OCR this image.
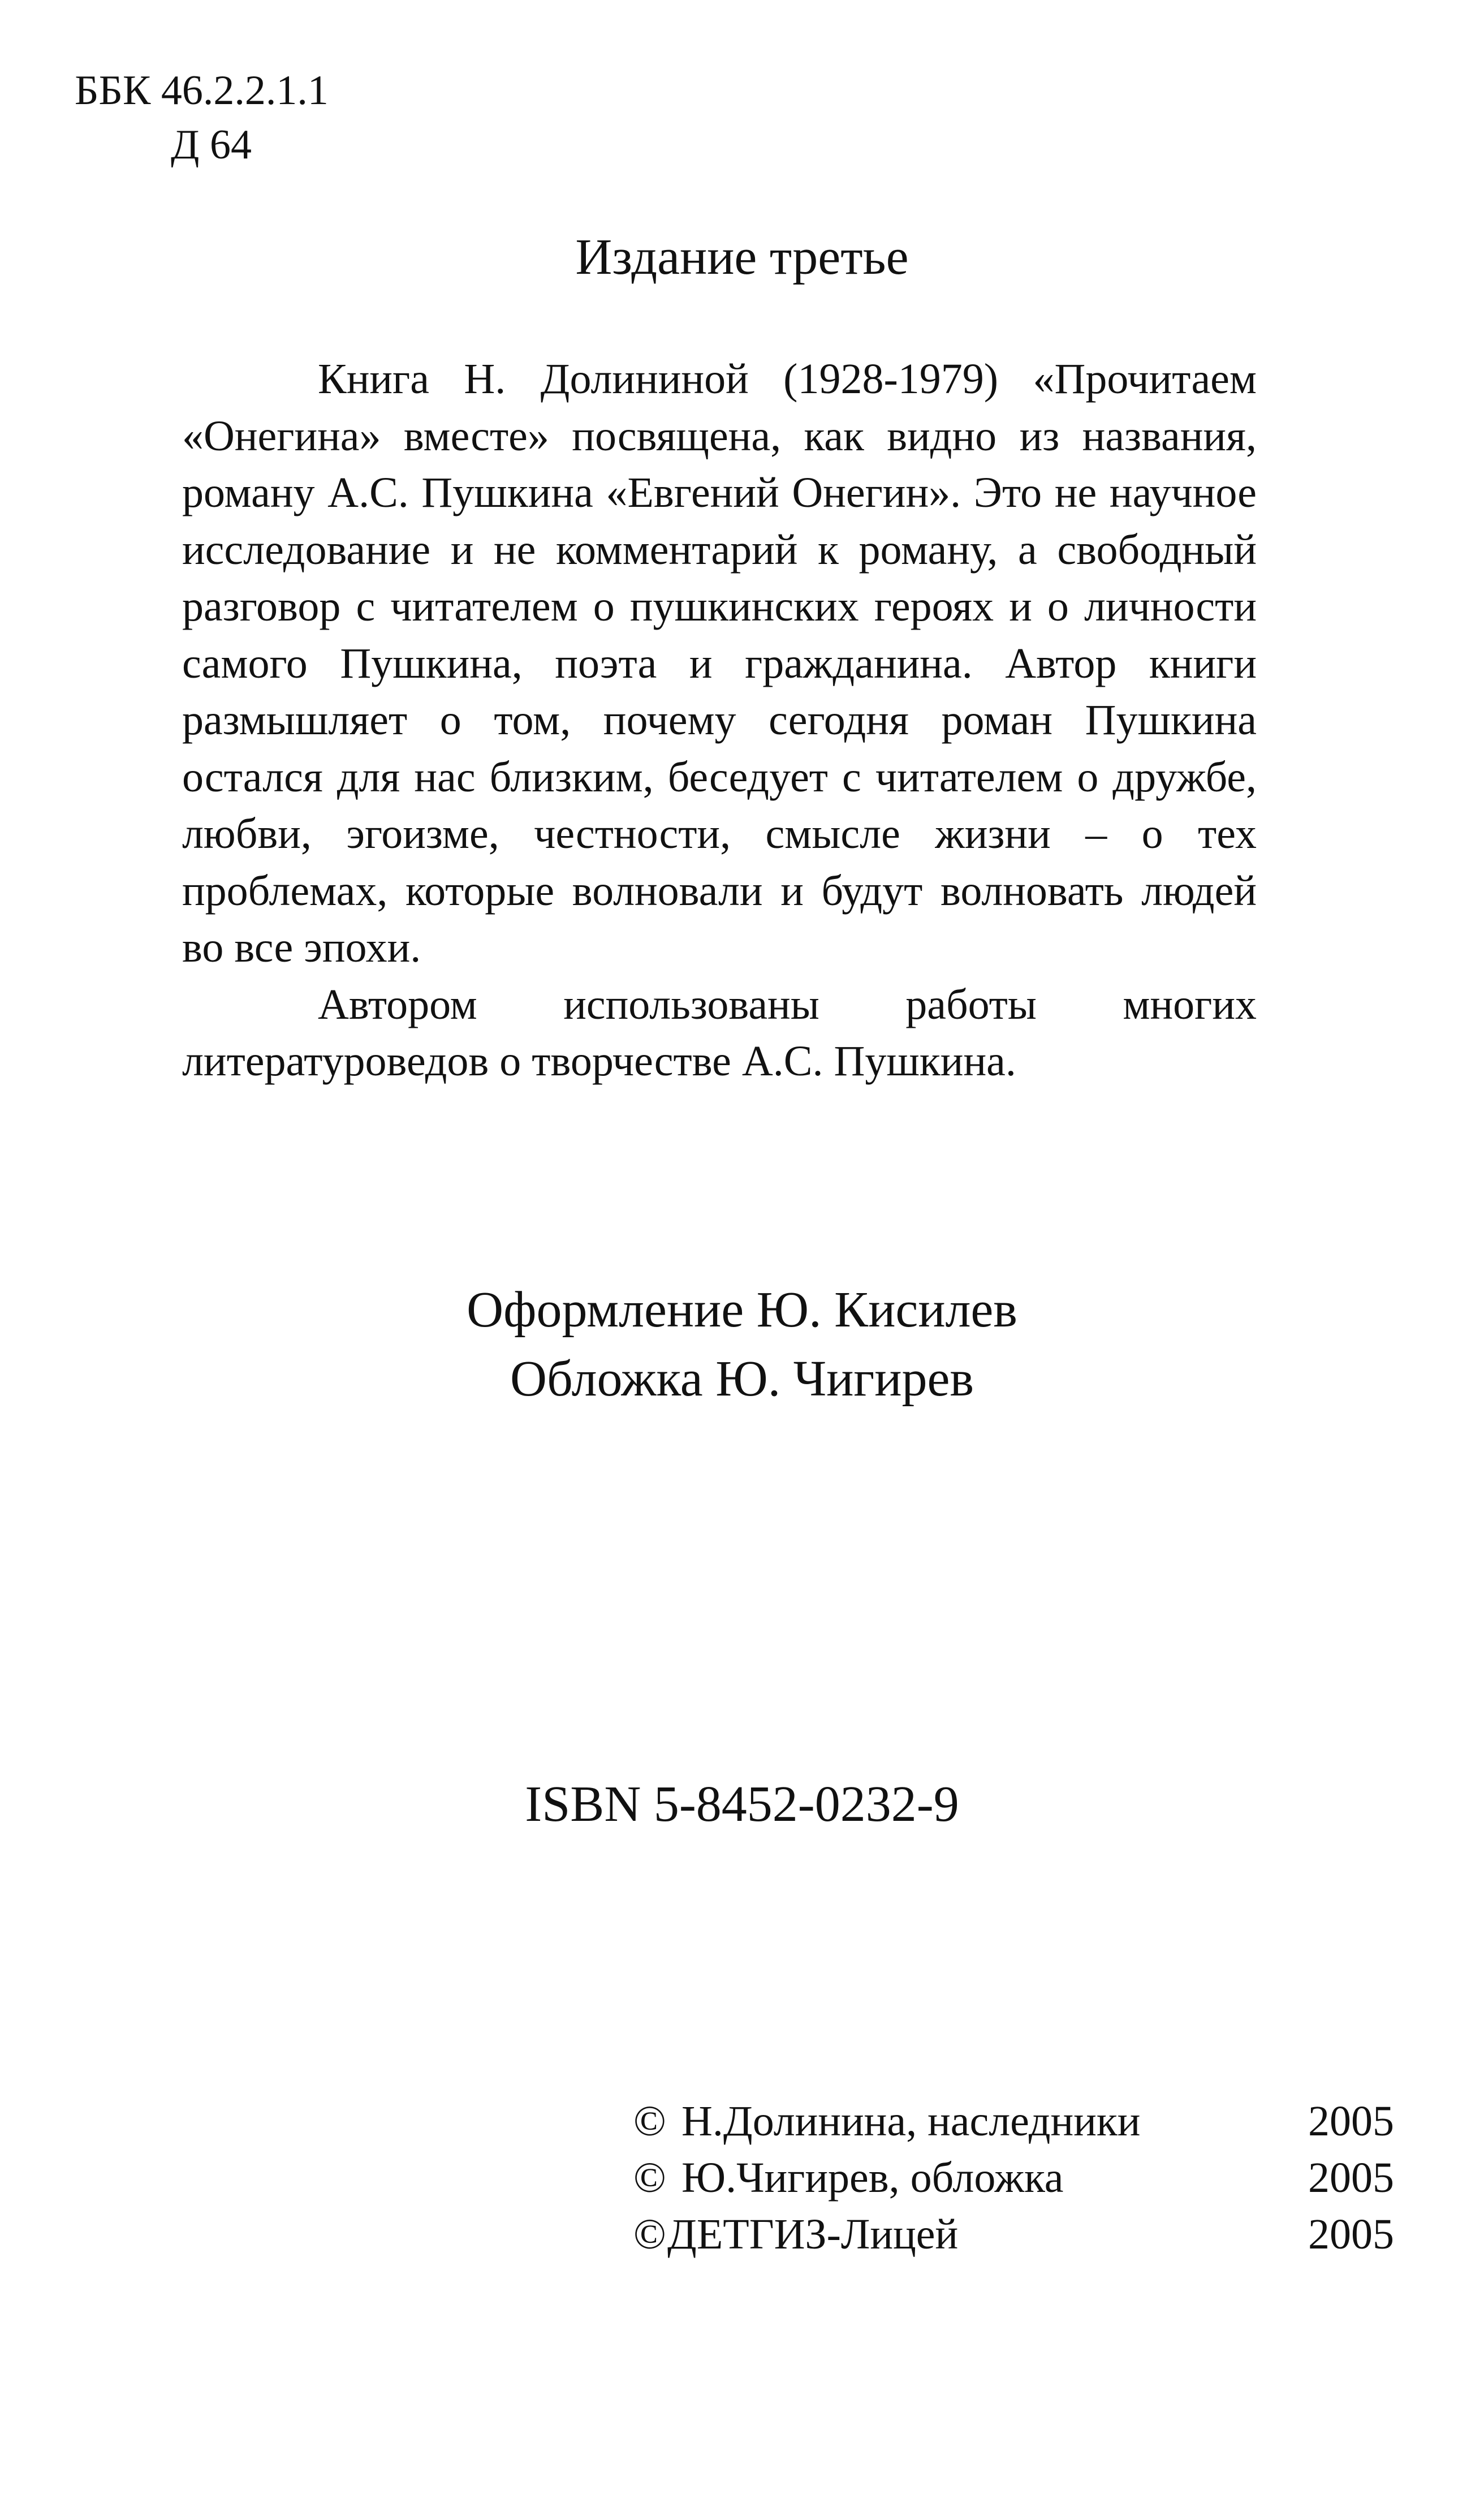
ББК 46.2.2.1.1
Д 64
Издание третье

Книга Н. Долининой (1928-1979) «Прочитаем «Онегина» вместе» посвящена, как видно из названия, роману А.С. Пушкина «Евгений Онегин». Это не научное исследование и не комментарий к роману, а свободный разговор с читателем о пушкинских героях и о личности самого Пушкина, поэта и гражданина. Автор книги размышляет о том, почему сегодня роман Пушкина остался для нас близким, беседует с читателем о дружбе, любви, эгоизме, честности, смысле жизни – о тех проблемах, которые волновали и будут волновать людей во все эпохи.

Автором использованы работы многих литературоведов о творчестве А.С. Пушкина.

Оформление Ю. Кисилев
Обложка Ю. Чигирев
ISBN 5-8452-0232-9
© Н.Долинина, наследники	2005
© Ю.Чигирев, обложка	2005
©ДЕТГИЗ-Лицей	2005
